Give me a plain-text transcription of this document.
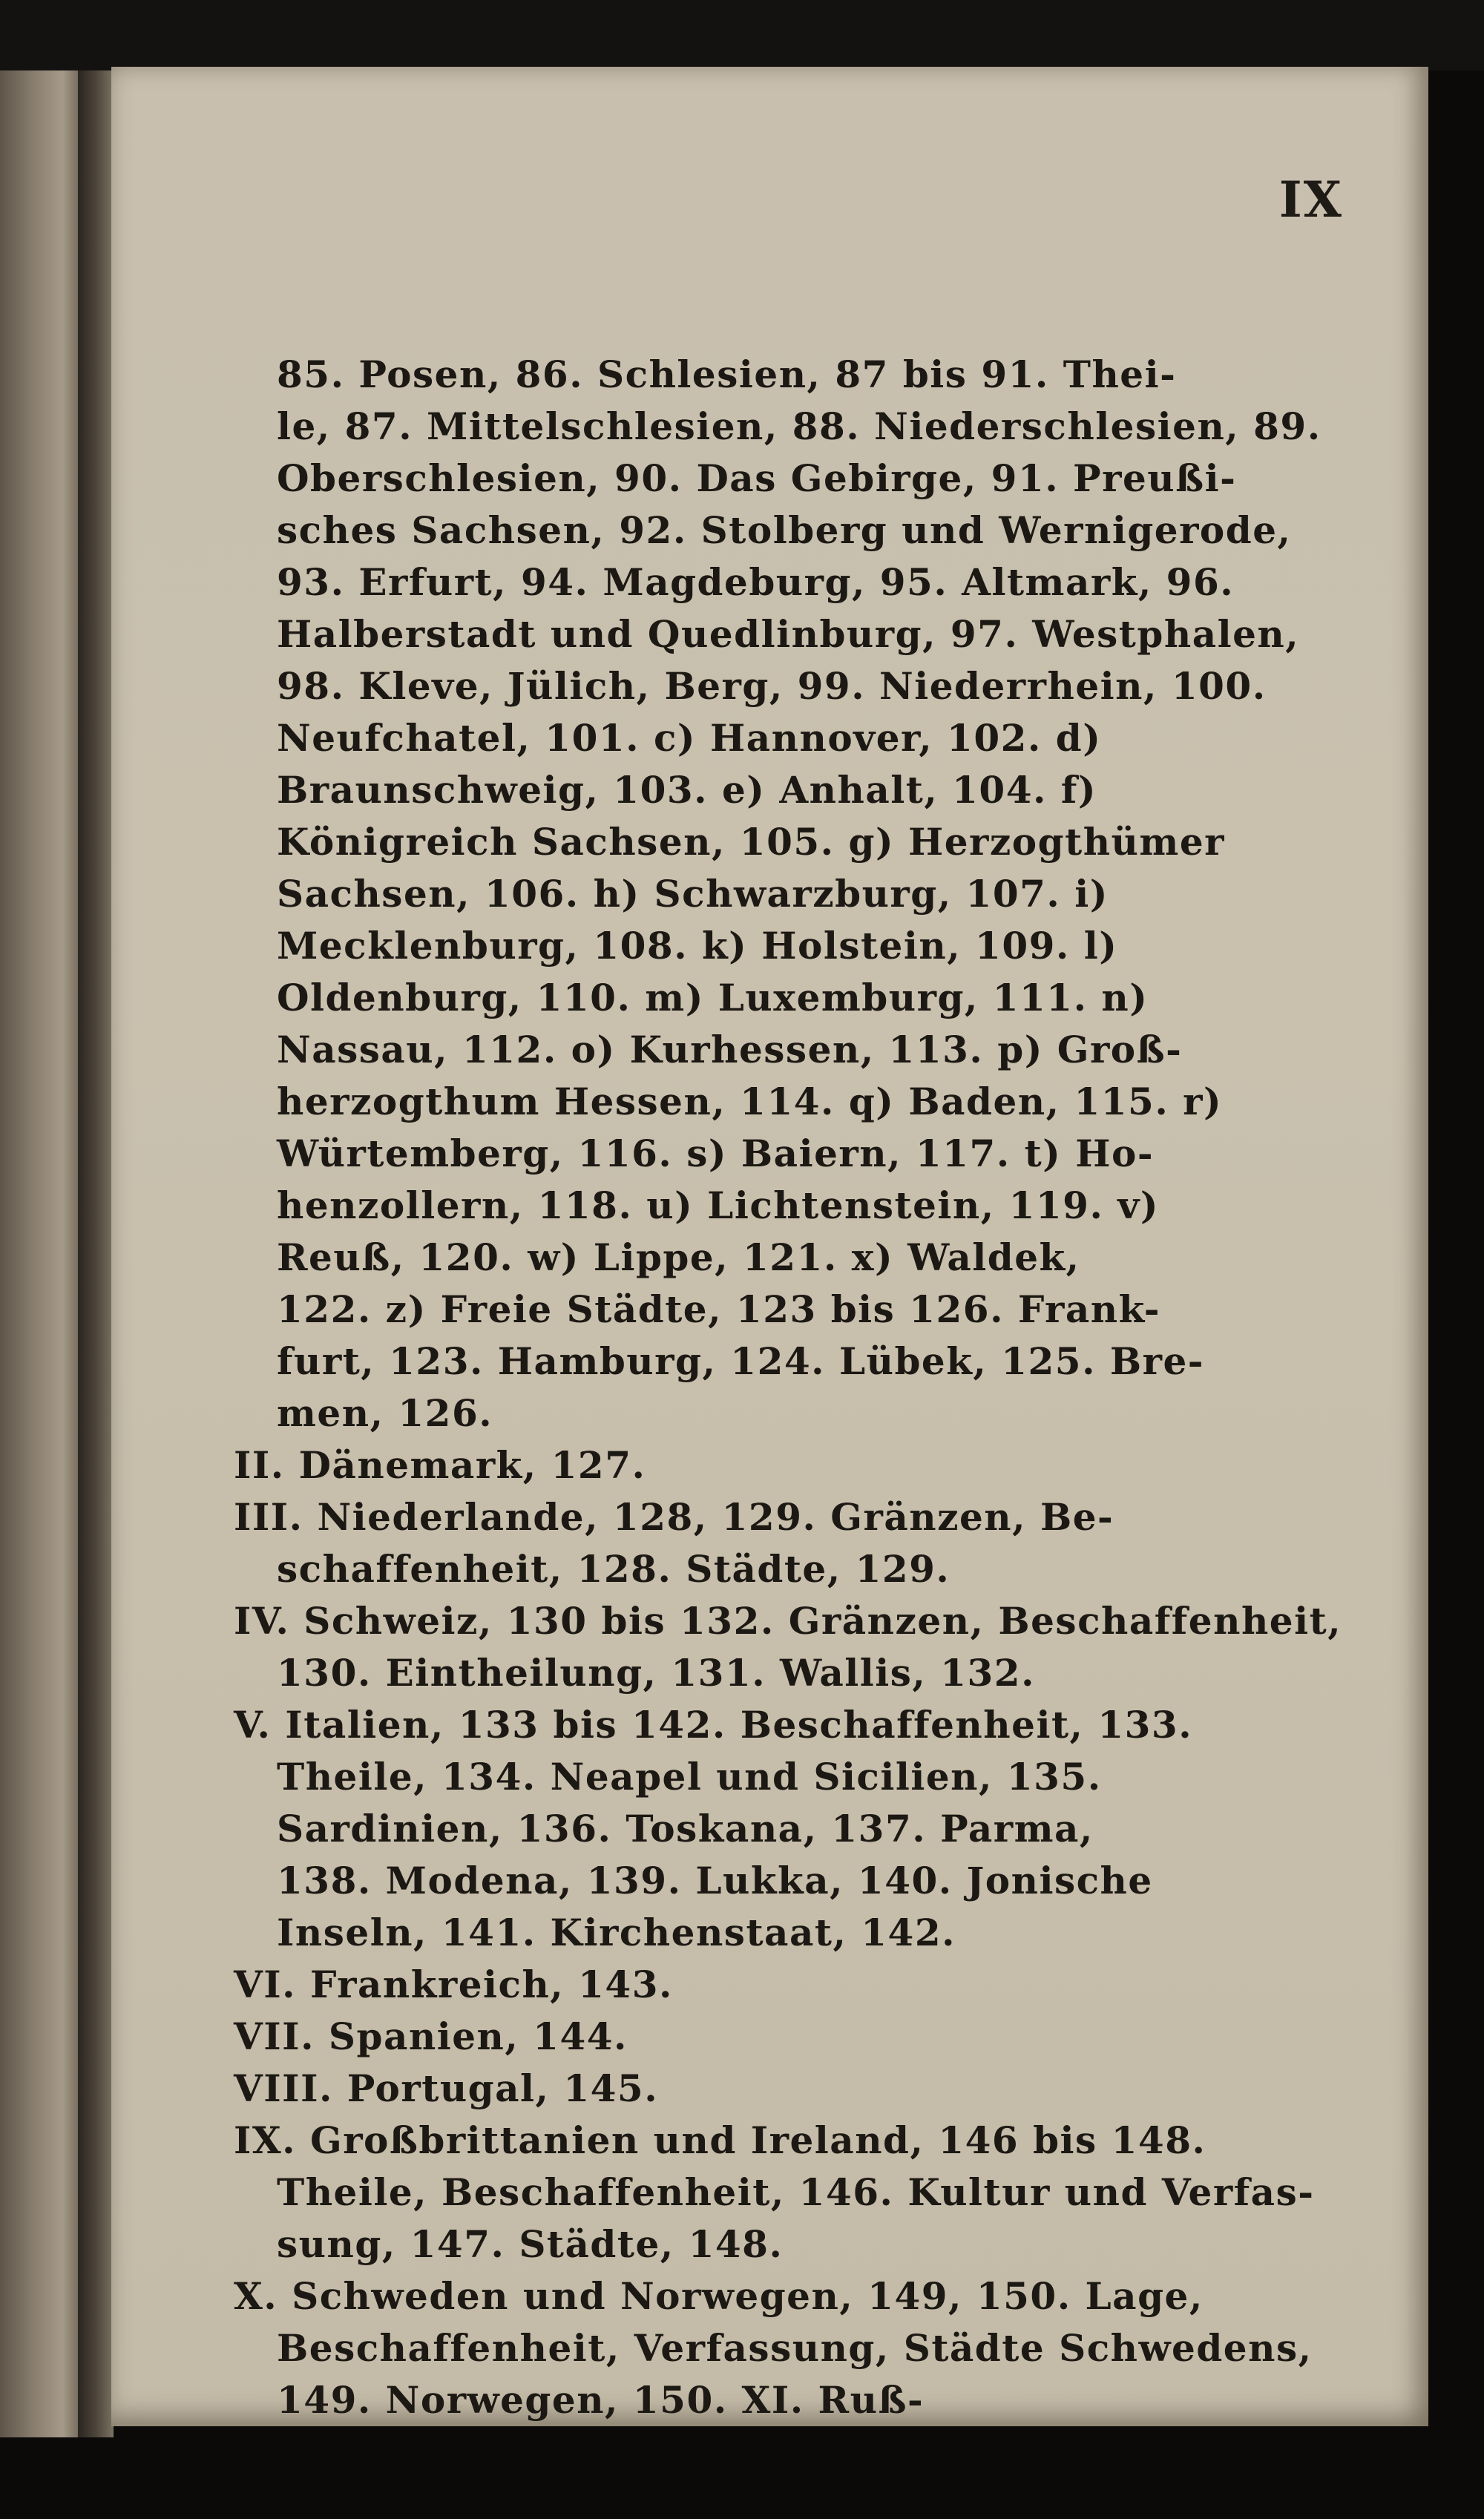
IX
85. Posen, 86. Schlesien, 87 bis 91. Thei-
le, 87. Mittelschlesien, 88. Niederschlesien, 89.
Oberschlesien, 90. Das Gebirge, 91. Preußi-
sches Sachsen, 92. Stolberg und Wernigerode,
93. Erfurt, 94. Magdeburg, 95. Altmark, 96.
Halberstadt und Quedlinburg, 97. Westphalen,
98. Kleve, Jülich, Berg, 99. Niederrhein, 100.
Neufchatel, 101. c) Hannover, 102. d)
Braunschweig, 103. e) Anhalt, 104. f)
Königreich Sachsen, 105. g) Herzogthümer
Sachsen, 106. h) Schwarzburg, 107. i)
Mecklenburg, 108. k) Holstein, 109. l)
Oldenburg, 110. m) Luxemburg, 111. n)
Nassau, 112. o) Kurhessen, 113. p) Groß-
herzogthum Hessen, 114. q) Baden, 115. r)
Würtemberg, 116. s) Baiern, 117. t) Ho-
henzollern, 118. u) Lichtenstein, 119. v)
Reuß, 120. w) Lippe, 121. x) Waldek,
122. z) Freie Städte, 123 bis 126. Frank-
furt, 123. Hamburg, 124. Lübek, 125. Bre-
men, 126.
II. Dänemark, 127.
III. Niederlande, 128, 129. Gränzen, Be-
schaffenheit, 128. Städte, 129.
IV. Schweiz, 130 bis 132. Gränzen, Beschaffenheit,
130. Eintheilung, 131. Wallis, 132.
V. Italien, 133 bis 142. Beschaffenheit, 133.
Theile, 134. Neapel und Sicilien, 135.
Sardinien, 136. Toskana, 137. Parma,
138. Modena, 139. Lukka, 140. Jonische
Inseln, 141. Kirchenstaat, 142.
VI. Frankreich, 143.
VII. Spanien, 144.
VIII. Portugal, 145.
IX. Großbrittanien und Ireland, 146 bis 148.
Theile, Beschaffenheit, 146. Kultur und Verfas-
sung, 147. Städte, 148.
X. Schweden und Norwegen, 149, 150. Lage,
Beschaffenheit, Verfassung, Städte Schwedens,
149. Norwegen, 150. XI. Ruß-
